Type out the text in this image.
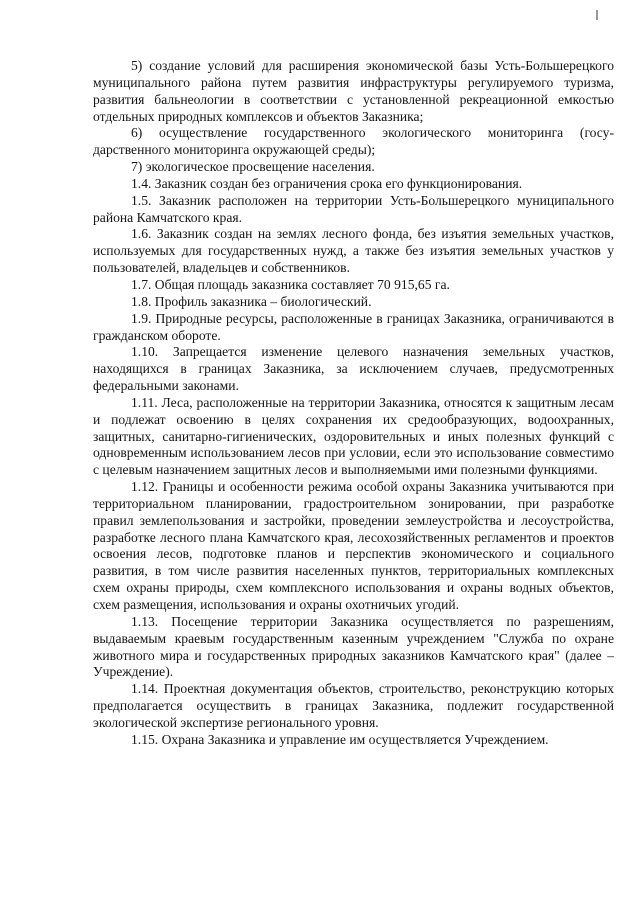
5) создание условий для расширения экономической базы Усть-Большерецкого муниципального района путем развития инфраструктуры регулируемого туризма, развития бальнеологии в соответствии с установленной рекреационной емкостью отдельных природных комплексов и объектов Заказника;

6) осуществление государственного экологического мониторинга (государственного мониторинга окружающей среды);

7) экологическое просвещение населения.

1.4. Заказник создан без ограничения срока его функционирования.

1.5. Заказник расположен на территории Усть-Большерецкого муниципального района Камчатского края.

1.6. Заказник создан на землях лесного фонда, без изъятия земельных участков, используемых для государственных нужд, а также без изъятия земельных участков у пользователей, владельцев и собственников.

1.7. Общая площадь заказника составляет 70 915,65 га.

1.8. Профиль заказника – биологический.

1.9. Природные ресурсы, расположенные в границах Заказника, ограничиваются в гражданском обороте.

1.10. Запрещается изменение целевого назначения земельных участков, находящихся в границах Заказника, за исключением случаев, предусмотренных федеральными законами.

1.11. Леса, расположенные на территории Заказника, относятся к защитным лесам и подлежат освоению в целях сохранения их средообразующих, водоохранных, защитных, санитарно-гигиенических, оздоровительных и иных полезных функций с одновременным использованием лесов при условии, если это использование совместимо с целевым назначением защитных лесов и выполняемыми ими полезными функциями.

1.12. Границы и особенности режима особой охраны Заказника учитываются при территориальном планировании, градостроительном зонировании, при разработке правил землепользования и застройки, проведении землеустройства и лесоустройства, разработке лесного плана Камчатского края, лесохозяйственных регламентов и проектов освоения лесов, подготовке планов и перспектив экономического и социального развития, в том числе развития населенных пунктов, территориальных комплексных схем охраны природы, схем комплексного использования и охраны водных объектов, схем размещения, использования и охраны охотничьих угодий.

1.13. Посещение территории Заказника осуществляется по разрешениям, выдаваемым краевым государственным казенным учреждением "Служба по охране животного мира и государственных природных заказников Камчатского края" (далее – Учреждение).

1.14. Проектная документация объектов, строительство, реконструкцию которых предполагается осуществить в границах Заказника, подлежит государственной экологической экспертизе регионального уровня.

1.15. Охрана Заказника и управление им осуществляется Учреждением.
